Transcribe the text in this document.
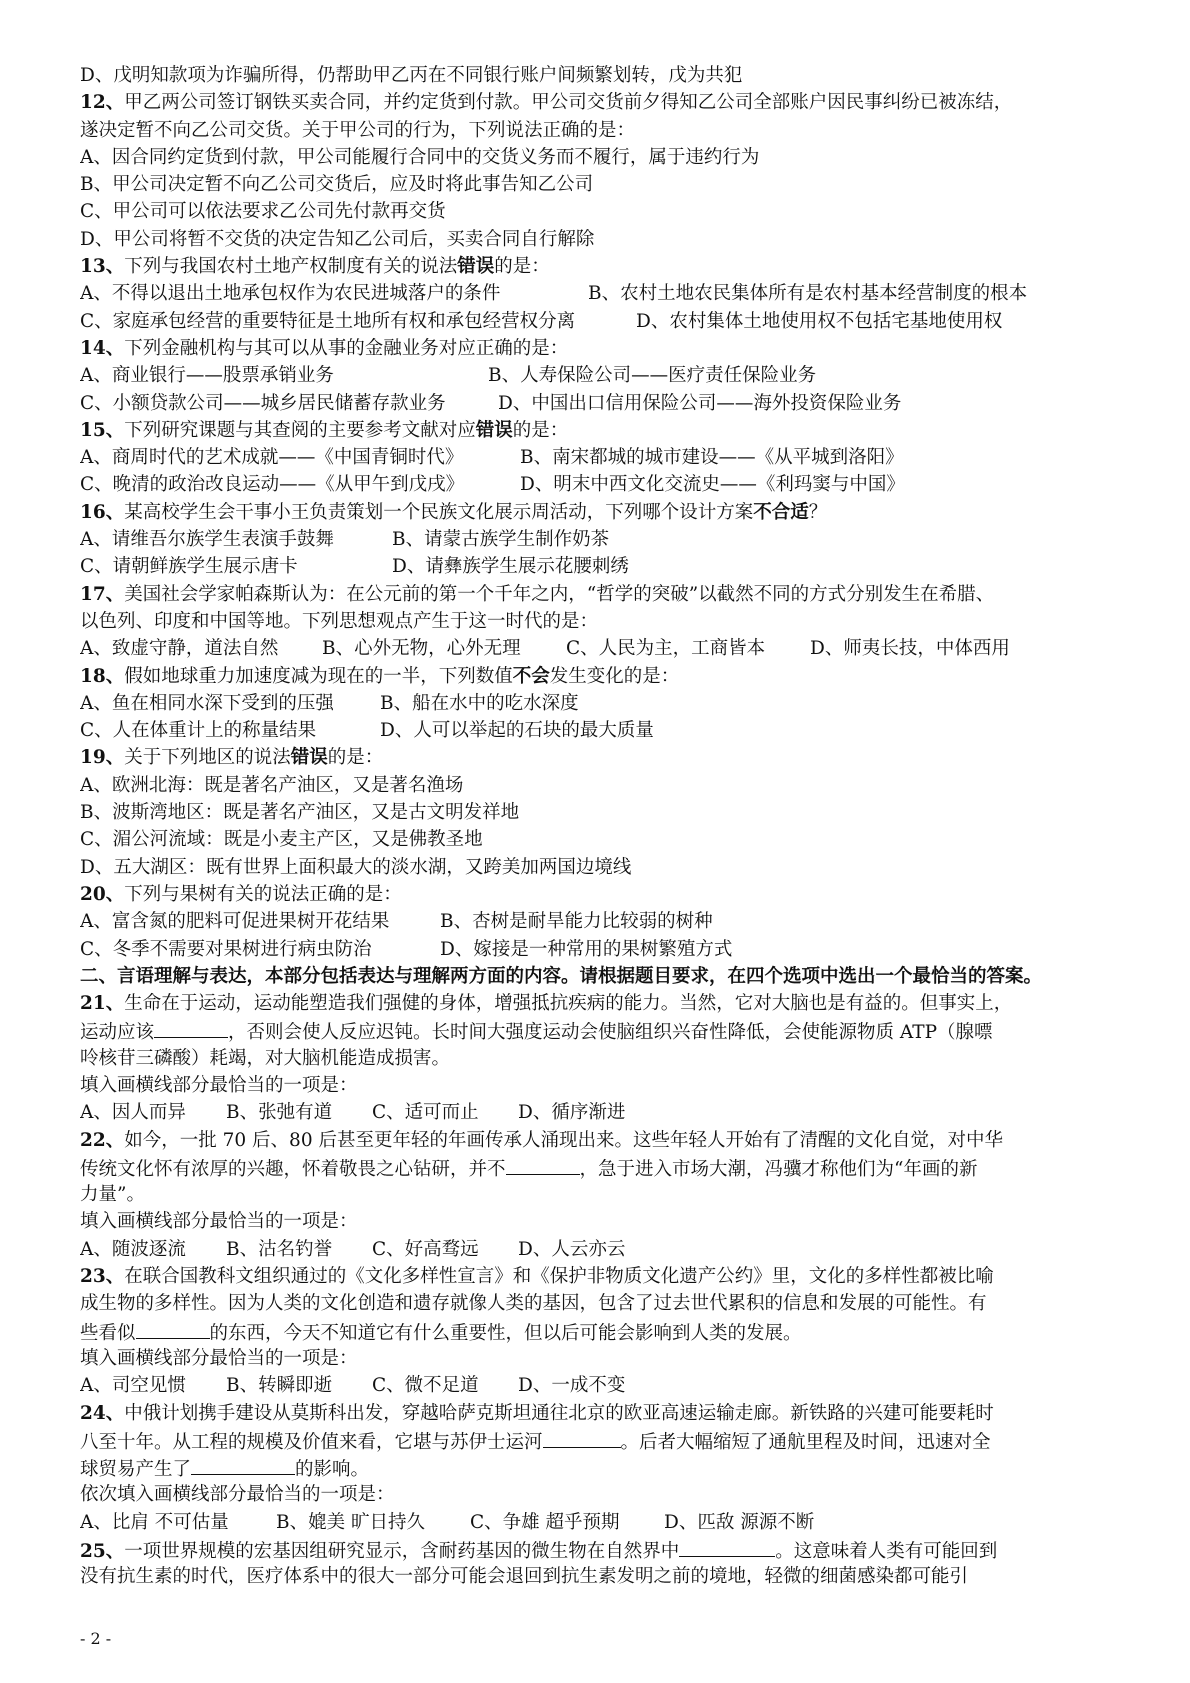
D、戊明知款项为诈骗所得，仍帮助甲乙丙在不同银行账户间频繁划转，戊为共犯
12、甲乙两公司签订钢铁买卖合同，并约定货到付款。甲公司交货前夕得知乙公司全部账户因民事纠纷已被冻结，
遂决定暂不向乙公司交货。关于甲公司的行为，下列说法正确的是：
A、因合同约定货到付款，甲公司能履行合同中的交货义务而不履行，属于违约行为
B、甲公司决定暂不向乙公司交货后，应及时将此事告知乙公司
C、甲公司可以依法要求乙公司先付款再交货
D、甲公司将暂不交货的决定告知乙公司后，买卖合同自行解除
13、下列与我国农村土地产权制度有关的说法错误的是：
A、不得以退出土地承包权作为农民进城落户的条件	B、农村土地农民集体所有是农村基本经营制度的根本
C、家庭承包经营的重要特征是土地所有权和承包经营权分离	D、农村集体土地使用权不包括宅基地使用权
14、下列金融机构与其可以从事的金融业务对应正确的是：
A、商业银行——股票承销业务	B、人寿保险公司——医疗责任保险业务
C、小额贷款公司——城乡居民储蓄存款业务	D、中国出口信用保险公司——海外投资保险业务
15、下列研究课题与其查阅的主要参考文献对应错误的是：
A、商周时代的艺术成就——《中国青铜时代》	B、南宋都城的城市建设——《从平城到洛阳》
C、晚清的政治改良运动——《从甲午到戊戌》	D、明末中西文化交流史——《利玛窦与中国》
16、某高校学生会干事小王负责策划一个民族文化展示周活动，下列哪个设计方案不合适？
A、请维吾尔族学生表演手鼓舞	B、请蒙古族学生制作奶茶
C、请朝鲜族学生展示唐卡	D、请彝族学生展示花腰刺绣
17、美国社会学家帕森斯认为：在公元前的第一个千年之内，“哲学的突破”以截然不同的方式分别发生在希腊、
以色列、印度和中国等地。下列思想观点产生于这一时代的是：
A、致虚守静，道法自然	B、心外无物，心外无理	C、人民为主，工商皆本	D、师夷长技，中体西用
18、假如地球重力加速度减为现在的一半，下列数值不会发生变化的是：
A、鱼在相同水深下受到的压强	B、船在水中的吃水深度
C、人在体重计上的称量结果	D、人可以举起的石块的最大质量
19、关于下列地区的说法错误的是：
A、欧洲北海：既是著名产油区，又是著名渔场
B、波斯湾地区：既是著名产油区，又是古文明发祥地
C、湄公河流域：既是小麦主产区，又是佛教圣地
D、五大湖区：既有世界上面积最大的淡水湖，又跨美加两国边境线
20、下列与果树有关的说法正确的是：
A、富含氮的肥料可促进果树开花结果	B、杏树是耐旱能力比较弱的树种
C、冬季不需要对果树进行病虫防治	D、嫁接是一种常用的果树繁殖方式
二、言语理解与表达，本部分包括表达与理解两方面的内容。请根据题目要求，在四个选项中选出一个最恰当的答案。
21、生命在于运动，运动能塑造我们强健的身体，增强抵抗疾病的能力。当然，它对大脑也是有益的。但事实上，
运动应该	，否则会使人反应迟钝。长时间大强度运动会使脑组织兴奋性降低，会使能源物质 ATP（腺嘌
呤核苷三磷酸）耗竭，对大脑机能造成损害。
填入画横线部分最恰当的一项是：
A、因人而异	B、张弛有道	C、适可而止	D、循序渐进
22、如今，一批 70 后、80 后甚至更年轻的年画传承人涌现出来。这些年轻人开始有了清醒的文化自觉，对中华
传统文化怀有浓厚的兴趣，怀着敬畏之心钻研，并不	，急于进入市场大潮，冯骥才称他们为“年画的新
力量”。
填入画横线部分最恰当的一项是：
A、随波逐流	B、沽名钓誉	C、好高骛远	D、人云亦云
23、在联合国教科文组织通过的《文化多样性宣言》和《保护非物质文化遗产公约》里，文化的多样性都被比喻
成生物的多样性。因为人类的文化创造和遗存就像人类的基因，包含了过去世代累积的信息和发展的可能性。有
些看似	的东西，今天不知道它有什么重要性，但以后可能会影响到人类的发展。
填入画横线部分最恰当的一项是：
A、司空见惯	B、转瞬即逝	C、微不足道	D、一成不变
24、中俄计划携手建设从莫斯科出发，穿越哈萨克斯坦通往北京的欧亚高速运输走廊。新铁路的兴建可能要耗时
八至十年。从工程的规模及价值来看，它堪与苏伊士运河	。后者大幅缩短了通航里程及时间，迅速对全
球贸易产生了	的影响。
依次填入画横线部分最恰当的一项是：
A、比肩 不可估量	B、媲美 旷日持久	C、争雄 超乎预期	D、匹敌 源源不断
25、一项世界规模的宏基因组研究显示，含耐药基因的微生物在自然界中	。这意味着人类有可能回到
没有抗生素的时代，医疗体系中的很大一部分可能会退回到抗生素发明之前的境地，轻微的细菌感染都可能引
- 2 -
